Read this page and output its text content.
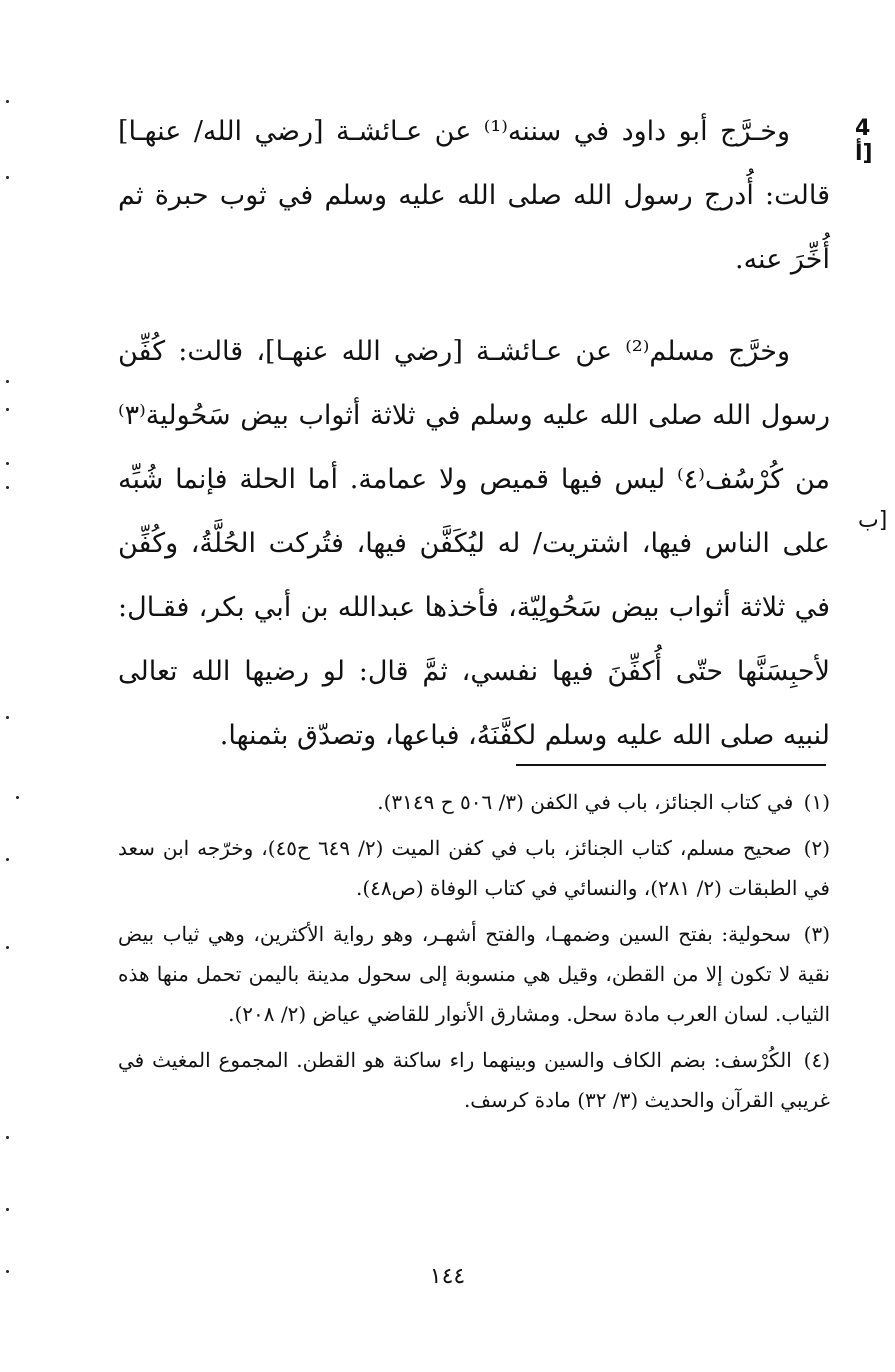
4 أ]
ب]

وخـرَّج أبو داود في سننه⁽¹⁾ عن عـائشـة [رضي الله/ عنهـا] قالت: أُدرج رسول الله صلى الله عليه وسلم في ثوب حبرة ثم أُخِّرَ عنه.

وخرَّج مسلم⁽²⁾ عن عـائشـة [رضي الله عنهـا]، قالت: كُفِّن رسول الله صلى الله عليه وسلم في ثلاثة أثواب بيض سَحُولية⁽٣⁾ من كُرْسُف⁽٤⁾ ليس فيها قميص ولا عمامة. أما الحلة فإنما شُبِّه على الناس فيها، اشتريت/ له ليُكَفَّن فيها، فتُركت الحُلَّةُ، وكُفِّن في ثلاثة أثواب بيض سَحُولِيّة، فأخذها عبدالله بن أبي بكر، فقـال: لأحبِسَنَّها حتّى أُكفِّنَ فيها نفسي، ثمَّ قال: لو رضيها الله تعالى لنبيه صلى الله عليه وسلم لكفَّنَهُ، فباعها، وتصدّق بثمنها.

(١) في كتاب الجنائز، باب في الكفن (٣/ ٥٠٦ ح ٣١٤٩).

(٢) صحيح مسلم، كتاب الجنائز، باب في كفن الميت (٢/ ٦٤٩ ح٤٥)، وخرّجه ابن سعد في الطبقات (٢/ ٢٨١)، والنسائي في كتاب الوفاة (ص٤٨).

(٣) سحولية: بفتح السين وضمهـا، والفتح أشهـر، وهو رواية الأكثرين، وهي ثياب بيض نقية لا تكون إلا من القطن، وقيل هي منسوبة إلى سحول مدينة باليمن تحمل منها هذه الثياب. لسان العرب مادة سحل. ومشارق الأنوار للقاضي عياض (٢/ ٢٠٨).

(٤) الكُرْسف: بضم الكاف والسين وبينهما راء ساكنة هو القطن. المجموع المغيث في غريبي القرآن والحديث (٣/ ٣٢) مادة كرسف.

١٤٤
